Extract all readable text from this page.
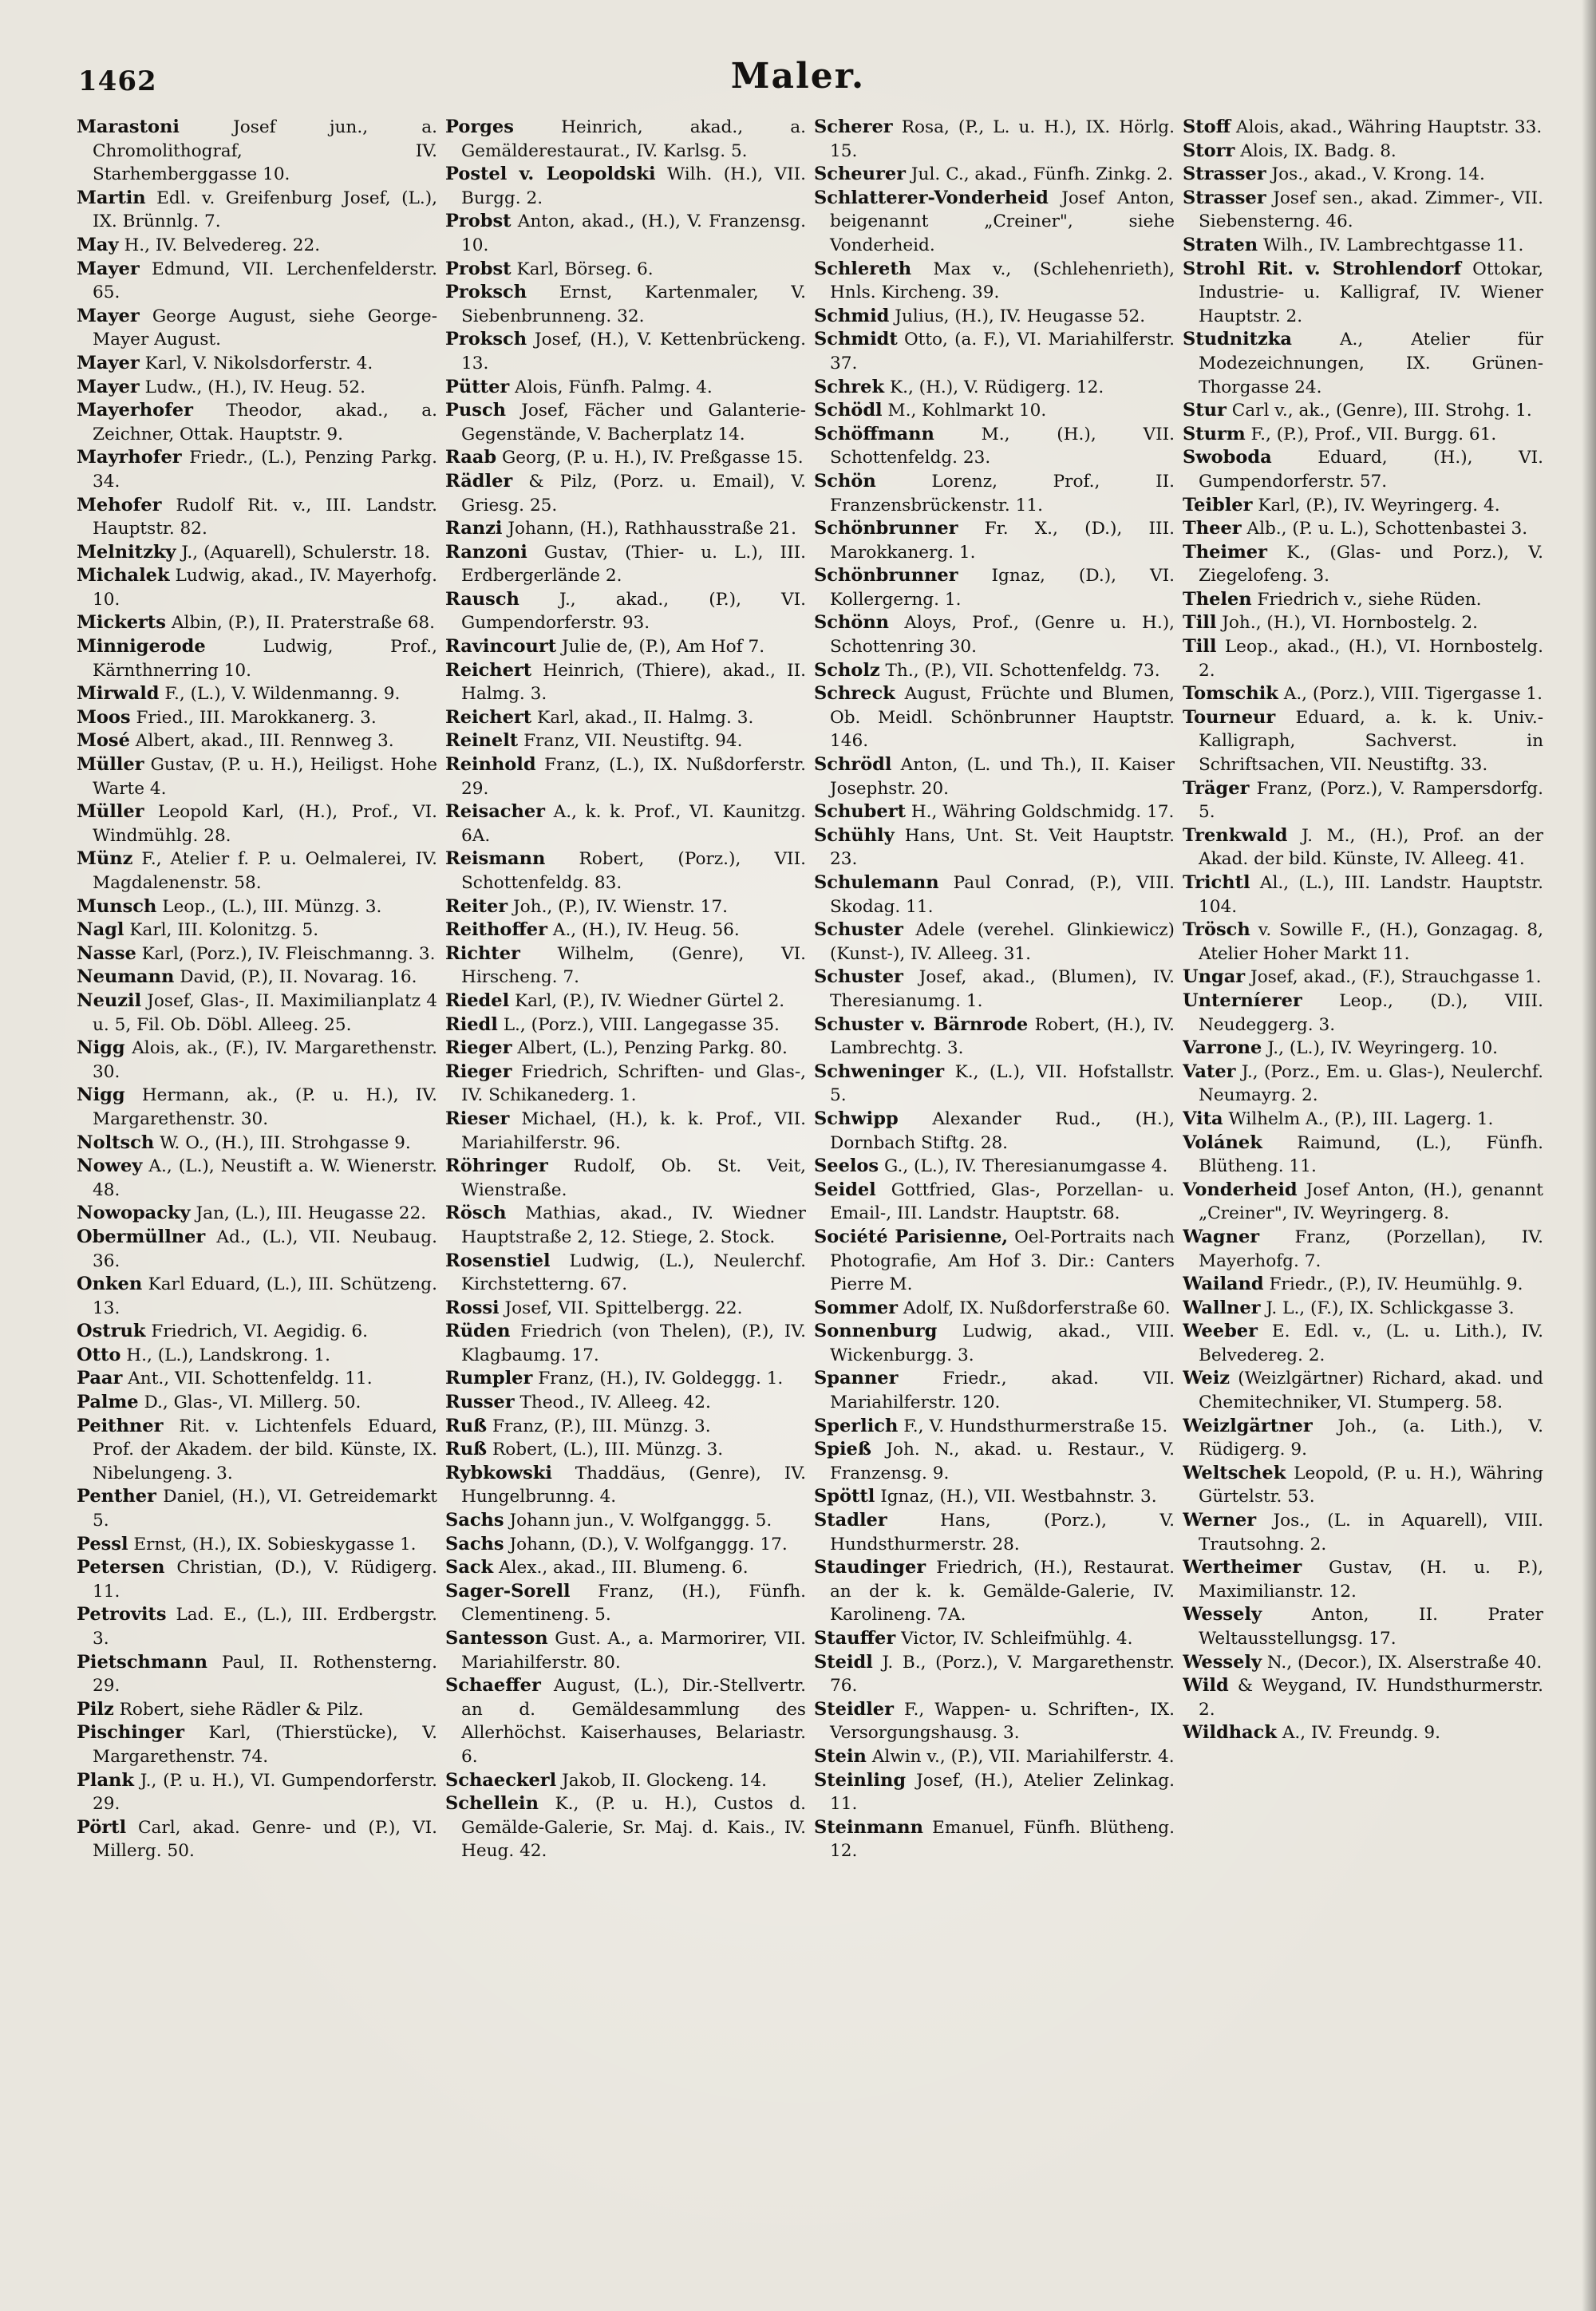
1462	Maler.

Marastoni	Josef jun., a. Chromolithograf, IV. Starhemberggasse 10.

Martin Edl. v. Greifenburg Josef, (L.), IX. Brünnlg. 7.

May H., IV. Belvedereg. 22.

Mayer Edmund, VII. Lerchenfelderstr. 65.

Mayer George August, siehe George-Mayer August.

Mayer Karl, V. Nikolsdorferstr. 4.

Mayer Ludw., (H.), IV. Heug. 52.

Mayerhofer Theodor, akad., a. Zeichner, Ottak. Hauptstr. 9.

Mayrhofer Friedr., (L.), Penzing Parkg. 34.

Mehofer Rudolf Rit. v., III. Landstr. Hauptstr. 82.

Melnitzky J., (Aquarell), Schulerstr. 18.

Michalek Ludwig, akad., IV. Mayerhofg. 10.

Mickerts Albin, (P.), II. Praterstraße 68.

Minnigerode	Ludwig, Prof., Kärnthnerring 10.

Mirwald F., (L.), V. Wildenmanng. 9.

Moos Fried., III. Marokkanerg. 3.

Mosé Albert, akad., III. Rennweg 3.

Müller Gustav, (P. u. H.), Heiligst. Hohe Warte 4.

Müller Leopold Karl, (H.), Prof., VI. Windmühlg. 28.

Münz F., Atelier f. P. u. Oelmalerei, IV. Magdalenenstr. 58.

Munsch Leop., (L.), III. Münzg. 3.

Nagl Karl, III. Kolonitzg. 5.

Nasse Karl, (Porz.), IV. Fleischmanng. 3.

Neumann David, (P.), II. Novarag. 16.

Neuzil Josef, Glas-, II. Maximilianplatz 4 u. 5, Fil. Ob. Döbl. Alleeg. 25.

Nigg Alois, ak., (F.), IV. Margarethenstr. 30.

Nigg Hermann, ak., (P. u. H.), IV. Margarethenstr. 30.

Noltsch W. O., (H.), III. Strohgasse 9.

Nowey A., (L.), Neustift a. W. Wienerstr. 48.

Nowopacky Jan, (L.), III. Heugasse 22.

Obermüllner Ad., (L.), VII. Neubaug. 36.

Onken Karl Eduard, (L.), III. Schützeng. 13.

Ostruk Friedrich, VI. Aegidig. 6.

Otto H., (L.), Landskrong. 1.

Paar Ant., VII. Schottenfeldg. 11.

Palme D., Glas-, VI. Millerg. 50.

Peithner Rit. v. Lichtenfels Eduard, Prof. der Akadem. der bild. Künste, IX. Nibelungeng. 3.

Penther Daniel, (H.), VI. Getreidemarkt 5.

Pessl Ernst, (H.), IX. Sobieskygasse 1.

Petersen Christian, (D.), V. Rüdigerg. 11.

Petrovits Lad. E., (L.), III. Erdbergstr. 3.

Pietschmann Paul, II. Rothensterng. 29.

Pilz Robert, siehe Rädler & Pilz.

Pischinger Karl, (Thierstücke), V. Margarethenstr. 74.

Plank J., (P. u. H.), VI. Gumpendorferstr. 29.

Pörtl Carl, akad. Genre- und (P.), VI. Millerg. 50.

Porges	Heinrich, akad., a. Gemälderestaurat., IV. Karlsg. 5.

Postel v. Leopoldski Wilh. (H.), VII. Burgg. 2.

Probst Anton, akad., (H.), V. Franzensg. 10.

Probst Karl, Börseg. 6.

Proksch Ernst, Kartenmaler, V. Siebenbrunneng. 32.

Proksch Josef, (H.), V. Kettenbrückeng. 13.

Pütter Alois, Fünfh. Palmg. 4.

Pusch Josef, Fächer und Galanterie-Gegenstände, V. Bacherplatz 14.

Raab Georg, (P. u. H.), IV. Preßgasse 15.

Rädler & Pilz, (Porz. u. Email), V. Griesg. 25.

Ranzi Johann, (H.), Rathhausstraße 21.

Ranzoni Gustav, (Thier- u. L.), III. Erdbergerlände 2.

Rausch J., akad., (P.), VI. Gumpendorferstr. 93.

Ravincourt Julie de, (P.), Am Hof 7.

Reichert Heinrich, (Thiere), akad., II. Halmg. 3.

Reichert Karl, akad., II. Halmg. 3.

Reinelt Franz, VII. Neustiftg. 94.

Reinhold Franz, (L.), IX. Nußdorferstr. 29.

Reisacher A., k. k. Prof., VI. Kaunitzg. 6A.

Reismann Robert, (Porz.), VII. Schottenfeldg. 83.

Reiter Joh., (P.), IV. Wienstr. 17.

Reithoffer A., (H.), IV. Heug. 56.

Richter Wilhelm, (Genre), VI. Hirscheng. 7.

Riedel Karl, (P.), IV. Wiedner Gürtel 2.

Riedl L., (Porz.), VIII. Langegasse 35.

Rieger Albert, (L.), Penzing Parkg. 80.

Rieger Friedrich, Schriften- und Glas-, IV. Schikanederg. 1.

Rieser Michael, (H.), k. k. Prof., VII. Mariahilferstr. 96.

Röhringer Rudolf, Ob. St. Veit, Wienstraße.

Rösch Mathias, akad., IV. Wiedner Hauptstraße 2, 12. Stiege, 2. Stock.

Rosenstiel Ludwig, (L.), Neulerchf. Kirchstetterng. 67.

Rossi Josef, VII. Spittelbergg. 22.

Rüden Friedrich (von Thelen), (P.), IV. Klagbaumg. 17.

Rumpler Franz, (H.), IV. Goldeggg. 1.

Russer Theod., IV. Alleeg. 42.

Ruß Franz, (P.), III. Münzg. 3.

Ruß Robert, (L.), III. Münzg. 3.

Rybkowski Thaddäus, (Genre), IV. Hungelbrunng. 4.

Sachs Johann jun., V. Wolfganggg. 5.

Sachs Johann, (D.), V. Wolfganggg. 17.

Sack Alex., akad., III. Blumeng. 6.

Sager-Sorell Franz, (H.), Fünfh. Clementineng. 5.

Santesson Gust. A., a. Marmorirer, VII. Mariahilferstr. 80.

Schaeffer August, (L.), Dir.-Stellvertr. an d. Gemäldesammlung des Allerhöchst. Kaiserhauses, Belariastr. 6.

Schaeckerl Jakob, II. Glockeng. 14.

Schellein K., (P. u. H.), Custos d. Gemälde-Galerie, Sr. Maj. d. Kais., IV. Heug. 42.

Scherer Rosa, (P., L. u. H.), IX. Hörlg. 15.

Scheurer Jul. C., akad., Fünfh. Zinkg. 2.

Schlatterer-Vonderheid Josef Anton, beigenannt „Creiner", siehe Vonderheid.

Schlereth Max v., (Schlehenrieth), Hnls. Kircheng. 39.

Schmid Julius, (H.), IV. Heugasse 52.

Schmidt Otto, (a. F.), VI. Mariahilferstr. 37.

Schrek K., (H.), V. Rüdigerg. 12.

Schödl M., Kohlmarkt 10.

Schöffmann	M., (H.), VII. Schottenfeldg. 23.

Schön	Lorenz, Prof., II. Franzensbrückenstr. 11.

Schönbrunner Fr. X., (D.), III. Marokkanerg. 1.

Schönbrunner Ignaz, (D.), VI. Kollergerng. 1.

Schönn Aloys, Prof., (Genre u. H.), Schottenring 30.

Scholz Th., (P.), VII. Schottenfeldg. 73.

Schreck August, Früchte und Blumen, Ob. Meidl. Schönbrunner Hauptstr. 146.

Schrödl Anton, (L. und Th.), II. Kaiser Josephstr. 20.

Schubert H., Währing Goldschmidg. 17.

Schühly Hans, Unt. St. Veit Hauptstr. 23.

Schulemann Paul Conrad, (P.), VIII. Skodag. 11.

Schuster Adele (verehel. Glinkiewicz) (Kunst-), IV. Alleeg. 31.

Schuster Josef, akad., (Blumen), IV. Theresianumg. 1.

Schuster v. Bärnrode Robert, (H.), IV. Lambrechtg. 3.

Schweninger K., (L.), VII. Hofstallstr. 5.

Schwipp Alexander Rud., (H.), Dornbach Stiftg. 28.

Seelos G., (L.), IV. Theresianumgasse 4.

Seidel Gottfried, Glas-, Porzellan- u. Email-, III. Landstr. Hauptstr. 68.

Société Parisienne, Oel-Portraits nach Photografie, Am Hof 3. Dir.: Canters Pierre M.

Sommer Adolf, IX. Nußdorferstraße 60.

Sonnenburg Ludwig, akad., VIII. Wickenburgg. 3.

Spanner	Friedr., akad. VII. Mariahilferstr. 120.

Sperlich F., V. Hundsthurmerstraße 15.

Spieß Joh. N., akad. u. Restaur., V. Franzensg. 9.

Spöttl Ignaz, (H.), VII. Westbahnstr. 3.

Stadler	Hans, (Porz.), V. Hundsthurmerstr. 28.

Staudinger Friedrich, (H.), Restaurat. an der k. k. Gemälde-Galerie, IV. Karolineng. 7A.

Stauffer Victor, IV. Schleifmühlg. 4.

Steidl J. B., (Porz.), V. Margarethenstr. 76.

Steidler F., Wappen- u. Schriften-, IX. Versorgungshausg. 3.

Stein Alwin v., (P.), VII. Mariahilferstr. 4.

Steinling Josef, (H.), Atelier Zelinkag. 11.

Steinmann Emanuel, Fünfh. Blütheng. 12.

Stoff Alois, akad., Währing Hauptstr. 33.

Storr Alois, IX. Badg. 8.

Strasser Jos., akad., V. Krong. 14.

Strasser Josef sen., akad. Zimmer-, VII. Siebensterng. 46.

Straten Wilh., IV. Lambrechtgasse 11.

Strohl Rit. v. Strohlendorf Ottokar, Industrie- u. Kalligraf, IV. Wiener Hauptstr. 2.

Studnitzka	A., Atelier für Modezeichnungen, IX. Grünen-Thorgasse 24.

Stur Carl v., ak., (Genre), III. Strohg. 1.

Sturm F., (P.), Prof., VII. Burgg. 61.

Swoboda	Eduard, (H.), VI. Gumpendorferstr. 57.

Teibler Karl, (P.), IV. Weyringerg. 4.

Theer Alb., (P. u. L.), Schottenbastei 3.

Theimer K., (Glas- und Porz.), V. Ziegelofeng. 3.

Thelen Friedrich v., siehe Rüden.

Till Joh., (H.), VI. Hornbostelg. 2.

Till Leop., akad., (H.), VI. Hornbostelg. 2.

Tomschik A., (Porz.), VIII. Tigergasse 1.

Tourneur Eduard, a. k. k. Univ.-Kalligraph, Sachverst. in Schriftsachen, VII. Neustiftg. 33.

Träger Franz, (Porz.), V. Rampersdorfg. 5.

Trenkwald J. M., (H.), Prof. an der Akad. der bild. Künste, IV. Alleeg. 41.

Trichtl Al., (L.), III. Landstr. Hauptstr. 104.

Trösch v. Sowille F., (H.), Gonzagag. 8, Atelier Hoher Markt 11.

Ungar Josef, akad., (F.), Strauchgasse 1.

Unterníerer Leop., (D.), VIII. Neudeggerg. 3.

Varrone J., (L.), IV. Weyringerg. 10.

Vater J., (Porz., Em. u. Glas-), Neulerchf. Neumayrg. 2.

Vita Wilhelm A., (P.), III. Lagerg. 1.

Volánek Raimund, (L.), Fünfh. Blütheng. 11.

Vonderheid Josef Anton, (H.), genannt „Creiner", IV. Weyringerg. 8.

Wagner Franz, (Porzellan), IV. Mayerhofg. 7.

Wailand Friedr., (P.), IV. Heumühlg. 9.

Wallner J. L., (F.), IX. Schlickgasse 3.

Weeber E. Edl. v., (L. u. Lith.), IV. Belvedereg. 2.

Weiz (Weizlgärtner) Richard, akad. und Chemitechniker, VI. Stumperg. 58.

Weizlgärtner Joh., (a. Lith.), V. Rüdigerg. 9.

Weltschek Leopold, (P. u. H.), Währing Gürtelstr. 53.

Werner Jos., (L. in Aquarell), VIII. Trautsohng. 2.

Wertheimer Gustav, (H. u. P.), Maximilianstr. 12.

Wessely	Anton, II. Prater Weltausstellungsg. 17.

Wessely N., (Decor.), IX. Alserstraße 40.

Wild & Weygand, IV. Hundsthurmerstr. 2.

Wildhack A., IV. Freundg. 9.
